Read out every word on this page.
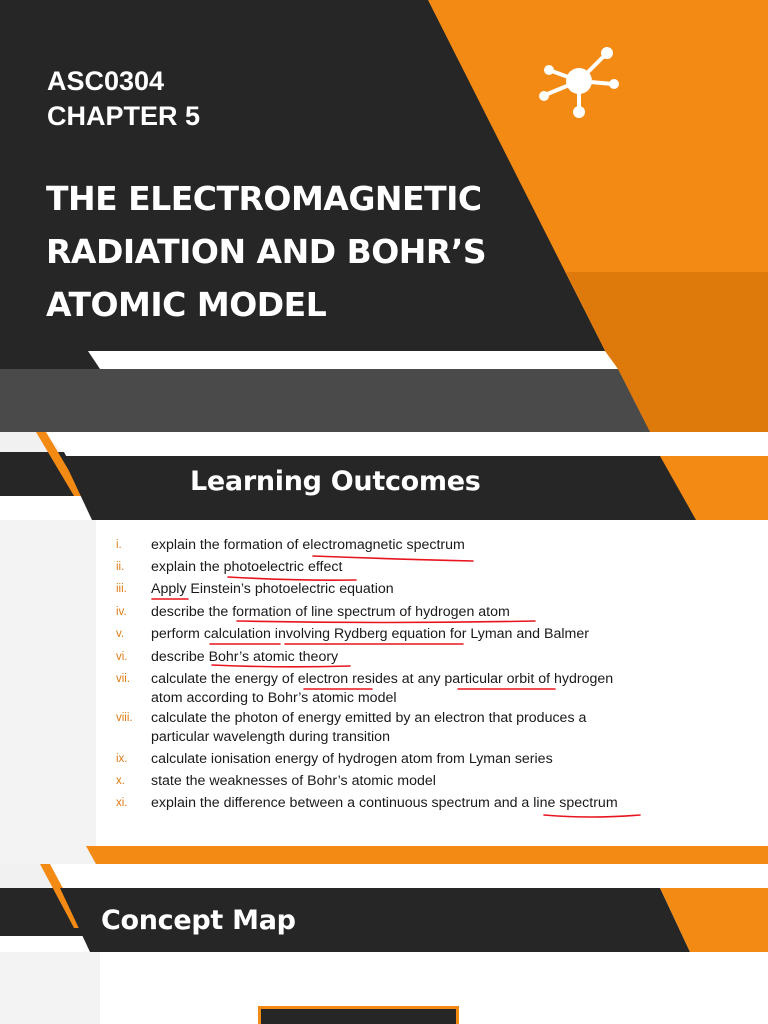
ASC0304
CHAPTER 5
THE ELECTROMAGNETIC
RADIATION AND BOHR’S
ATOMIC MODEL
Learning Outcomes
i.	explain the formation of electromagnetic spectrum
ii.	explain the photoelectric effect
iii.	Apply Einstein’s photoelectric equation
iv.	describe the formation of line spectrum of hydrogen atom
v.	perform calculation involving Rydberg equation for Lyman and Balmer
vi.	describe Bohr’s atomic theory
vii.	calculate the energy of electron resides at any particular orbit of hydrogen
atom according to Bohr’s atomic model
viii.	calculate the photon of energy emitted by an electron that produces a
particular wavelength during transition
ix.	calculate ionisation energy of hydrogen atom from Lyman series
x.	state the weaknesses of Bohr’s atomic model
xi.	explain the difference between a continuous spectrum and a line spectrum
Concept Map
